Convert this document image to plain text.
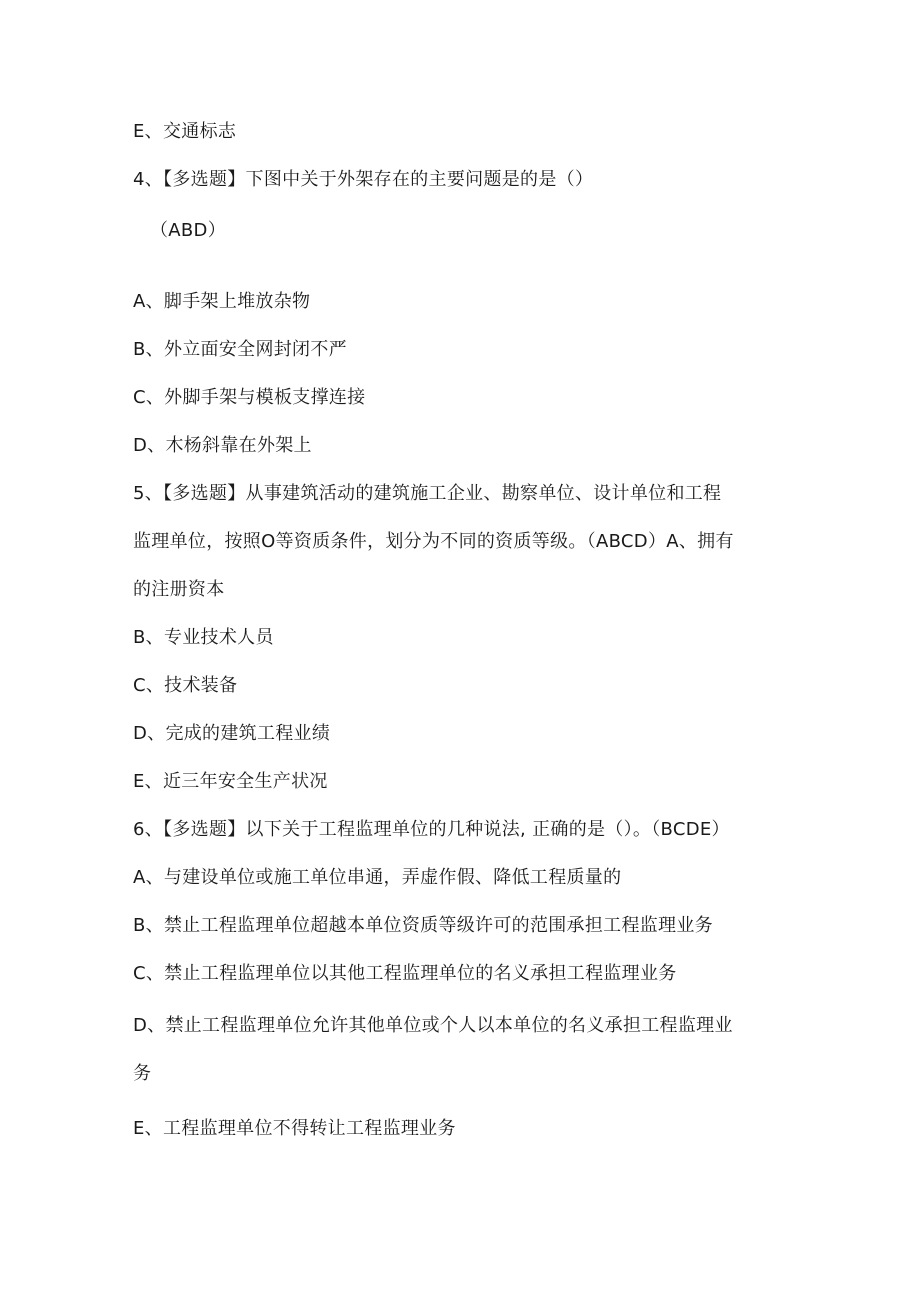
E、交通标志
4、【多选题】下图中关于外架存在的主要问题是的是（）
（ABD）
A、脚手架上堆放杂物
B、外立面安全网封闭不严
C、外脚手架与模板支撑连接
D、木杨斜靠在外架上
5、【多选题】从事建筑活动的建筑施工企业、勘察单位、设计单位和工程
监理单位，按照O等资质条件，划分为不同的资质等级。（ABCD）A、拥有
的注册资本
B、专业技术人员
C、技术装备
D、完成的建筑工程业绩
E、近三年安全生产状况
6、【多选题】以下关于工程监理单位的几种说法, 正确的是（）。（BCDE）
A、与建设单位或施工单位串通，弄虚作假、降低工程质量的
B、禁止工程监理单位超越本单位资质等级许可的范围承担工程监理业务
C、禁止工程监理单位以其他工程监理单位的名义承担工程监理业务
D、禁止工程监理单位允许其他单位或个人以本单位的名义承担工程监理业
务
E、工程监理单位不得转让工程监理业务
